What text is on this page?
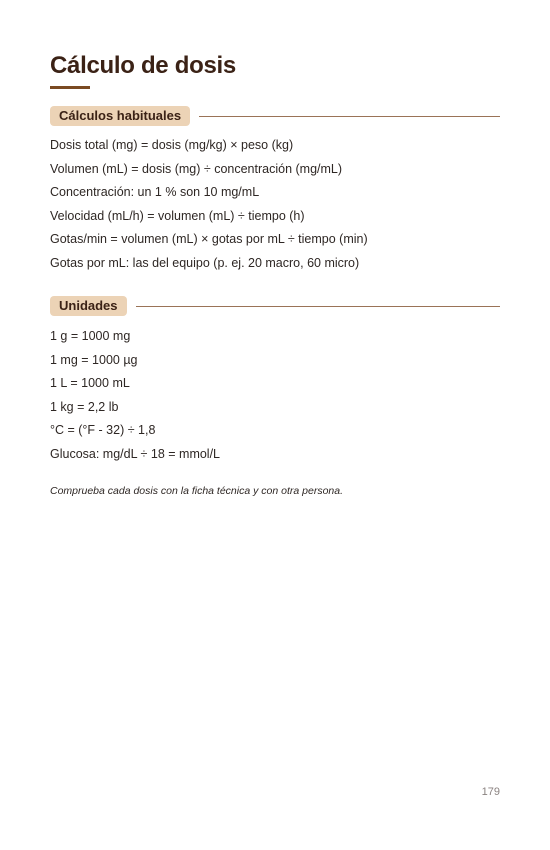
Cálculo de dosis
Cálculos habituales
Dosis total (mg) = dosis (mg/kg) × peso (kg)
Volumen (mL) = dosis (mg) ÷ concentración (mg/mL)
Concentración: un 1 % son 10 mg/mL
Velocidad (mL/h) = volumen (mL) ÷ tiempo (h)
Gotas/min = volumen (mL) × gotas por mL ÷ tiempo (min)
Gotas por mL: las del equipo (p. ej. 20 macro, 60 micro)
Unidades
1 g = 1000 mg
1 mg = 1000 µg
1 L = 1000 mL
1 kg = 2,2 lb
°C = (°F - 32) ÷ 1,8
Glucosa: mg/dL ÷ 18 = mmol/L
Comprueba cada dosis con la ficha técnica y con otra persona.
179
